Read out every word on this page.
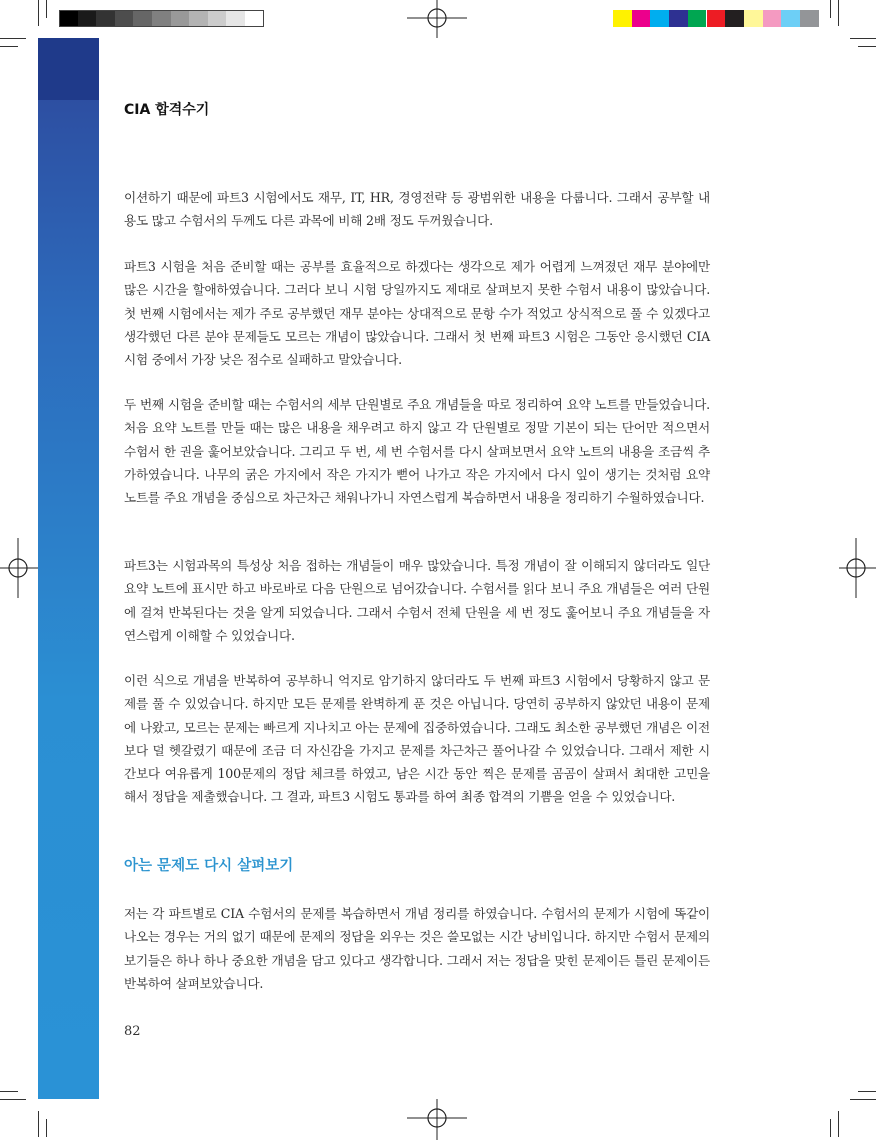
CIA 합격수기

이션하기 때문에 파트3 시험에서도 재무, IT, HR, 경영전략 등 광범위한 내용을 다룹니다. 그래서 공부할 내용도 많고 수험서의 두께도 다른 과목에 비해 2배 정도 두꺼웠습니다.

파트3 시험을 처음 준비할 때는 공부를 효율적으로 하겠다는 생각으로 제가 어렵게 느껴졌던 재무 분야에만 많은 시간을 할애하였습니다. 그러다 보니 시험 당일까지도 제대로 살펴보지 못한 수험서 내용이 많았습니다. 첫 번째 시험에서는 제가 주로 공부했던 재무 분야는 상대적으로 문항 수가 적었고 상식적으로 풀 수 있겠다고 생각했던 다른 분야 문제들도 모르는 개념이 많았습니다. 그래서 첫 번째 파트3 시험은 그동안 응시했던 CIA 시험 중에서 가장 낮은 점수로 실패하고 말았습니다.

두 번째 시험을 준비할 때는 수험서의 세부 단원별로 주요 개념들을 따로 정리하여 요약 노트를 만들었습니다. 처음 요약 노트를 만들 때는 많은 내용을 채우려고 하지 않고 각 단원별로 정말 기본이 되는 단어만 적으면서 수험서 한 권을 훑어보았습니다. 그리고 두 번, 세 번 수험서를 다시 살펴보면서 요약 노트의 내용을 조금씩 추가하였습니다. 나무의 굵은 가지에서 작은 가지가 뻗어 나가고 작은 가지에서 다시 잎이 생기는 것처럼 요약 노트를 주요 개념을 중심으로 차근차근 채워나가니 자연스럽게 복습하면서 내용을 정리하기 수월하였습니다.

파트3는 시험과목의 특성상 처음 접하는 개념들이 매우 많았습니다. 특정 개념이 잘 이해되지 않더라도 일단 요약 노트에 표시만 하고 바로바로 다음 단원으로 넘어갔습니다. 수험서를 읽다 보니 주요 개념들은 여러 단원에 걸쳐 반복된다는 것을 알게 되었습니다. 그래서 수험서 전체 단원을 세 번 정도 훑어보니 주요 개념들을 자연스럽게 이해할 수 있었습니다.

이런 식으로 개념을 반복하여 공부하니 억지로 암기하지 않더라도 두 번째 파트3 시험에서 당황하지 않고 문제를 풀 수 있었습니다. 하지만 모든 문제를 완벽하게 푼 것은 아닙니다. 당연히 공부하지 않았던 내용이 문제에 나왔고, 모르는 문제는 빠르게 지나치고 아는 문제에 집중하였습니다. 그래도 최소한 공부했던 개념은 이전보다 덜 헷갈렸기 때문에 조금 더 자신감을 가지고 문제를 차근차근 풀어나갈 수 있었습니다. 그래서 제한 시간보다 여유롭게 100문제의 정답 체크를 하였고, 남은 시간 동안 찍은 문제를 곰곰이 살펴서 최대한 고민을 해서 정답을 제출했습니다. 그 결과, 파트3 시험도 통과를 하여 최종 합격의 기쁨을 얻을 수 있었습니다.

아는 문제도 다시 살펴보기

저는 각 파트별로 CIA 수험서의 문제를 복습하면서 개념 정리를 하였습니다. 수험서의 문제가 시험에 똑같이 나오는 경우는 거의 없기 때문에 문제의 정답을 외우는 것은 쓸모없는 시간 낭비입니다. 하지만 수험서 문제의 보기들은 하나 하나 중요한 개념을 담고 있다고 생각합니다. 그래서 저는 정답을 맞힌 문제이든 틀린 문제이든 반복하여 살펴보았습니다.

82
